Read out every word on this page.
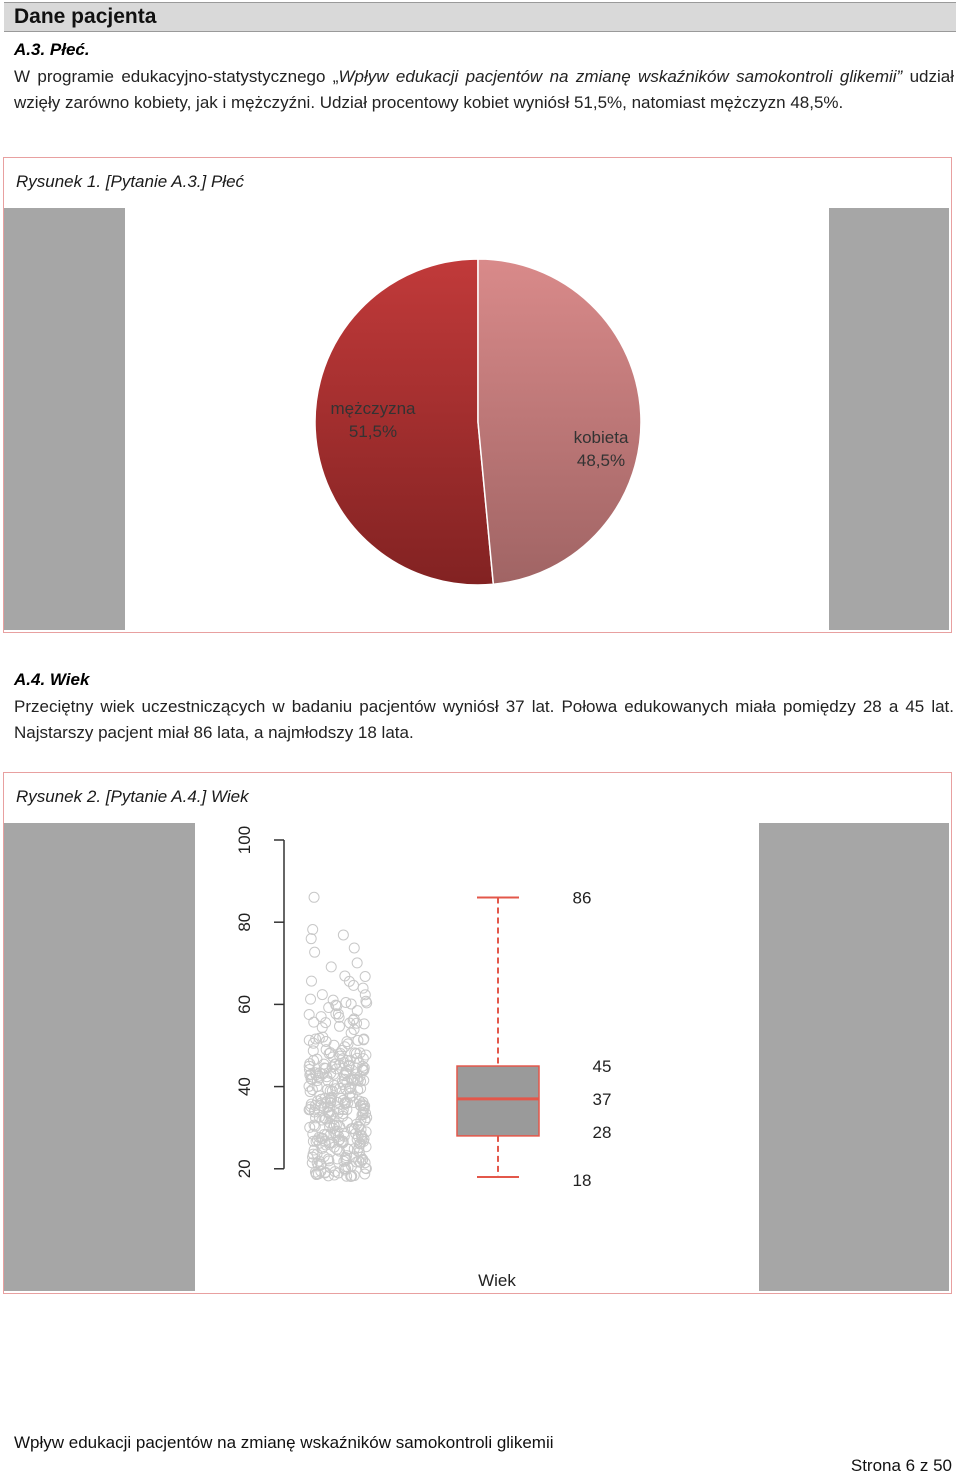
Dane pacjenta
A.3. Płeć.
W programie edukacyjno-statystycznego „Wpływ edukacji pacjentów na zmianę wskaźników samokontroli glikemii” udział wzięły zarówno kobiety, jak i mężczyźni. Udział procentowy kobiet wyniósł 51,5%, natomiast mężczyzn 48,5%.
Rysunek 1. [Pytanie A.3.] Płeć
mężczyzna
51,5%	kobieta
48,5%
A.4. Wiek
Przeciętny wiek uczestniczących w badaniu pacjentów wyniósł 37 lat. Połowa edukowanych miała pomiędzy 28 a 45 lat. Najstarszy pacjent miał 86 lata, a najmłodszy 18 lata.
Rysunek 2. [Pytanie A.4.] Wiek
20
40
60
80
100
86
45
37
28
18
Wiek
Wpływ edukacji pacjentów na zmianę wskaźników samokontroli glikemii
Strona 6 z 50
